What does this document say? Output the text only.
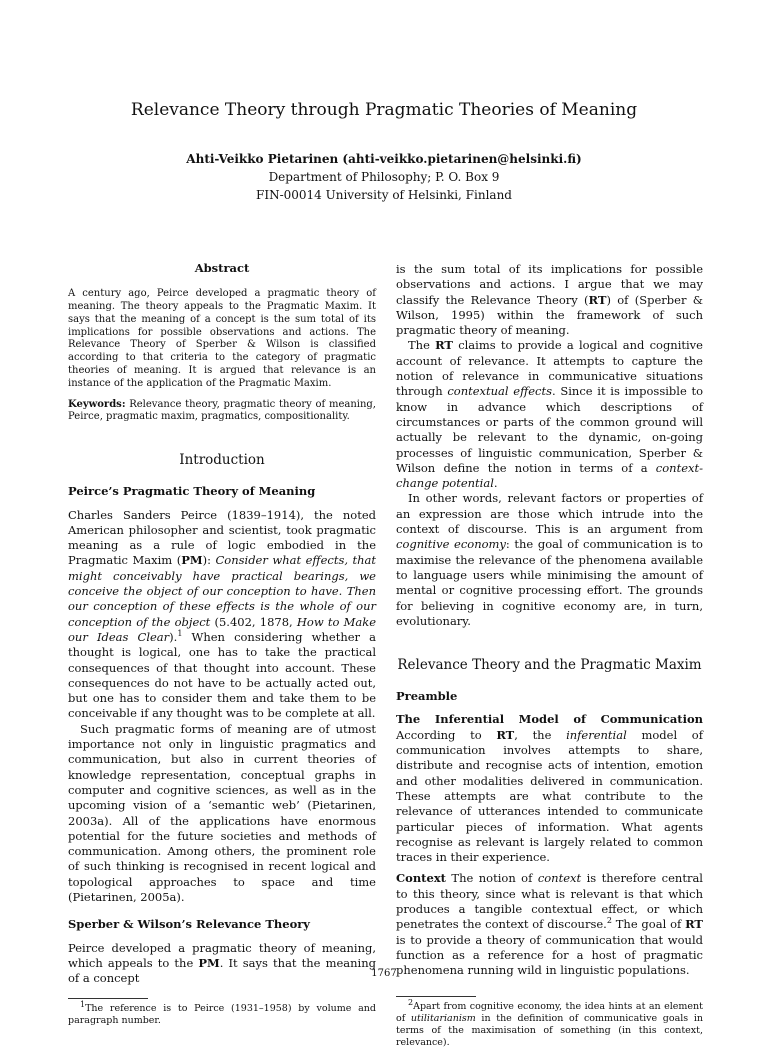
Relevance Theory through Pragmatic Theories of Meaning
Ahti-Veikko Pietarinen (ahti-veikko.pietarinen@helsinki.fi)
Department of Philosophy; P. O. Box 9
FIN-00014 University of Helsinki, Finland
Abstract

A century ago, Peirce developed a pragmatic theory of meaning. The theory appeals to the Pragmatic Maxim. It says that the meaning of a concept is the sum total of its implications for possible observations and actions. The Relevance Theory of Sperber & Wilson is classified according to that criteria to the category of pragmatic theories of meaning. It is argued that relevance is an instance of the application of the Pragmatic Maxim.

Keywords: Relevance theory, pragmatic theory of meaning, Peirce, pragmatic maxim, pragmatics, compositionality.

Introduction
Peirce’s Pragmatic Theory of Meaning

Charles Sanders Peirce (1839–1914), the noted American philosopher and scientist, took pragmatic meaning as a rule of logic embodied in the Pragmatic Maxim (PM): Consider what effects, that might conceivably have practical bearings, we conceive the object of our conception to have. Then our conception of these effects is the whole of our conception of the object (5.402, 1878, How to Make our Ideas Clear).$^1$ When considering whether a thought is logical, one has to take the practical consequences of that thought into account. These consequences do not have to be actually acted out, but one has to consider them and take them to be conceivable if any thought was to be complete at all.

Such pragmatic forms of meaning are of utmost importance not only in linguistic pragmatics and communication, but also in current theories of knowledge representation, conceptual graphs in computer and cognitive sciences, as well as in the upcoming vision of a ‘semantic web’ (Pietarinen, 2003a). All of the applications have enormous potential for the future societies and methods of communication. Among others, the prominent role of such thinking is recognised in recent logical and topological approaches to space and time (Pietarinen, 2005a).

Sperber & Wilson’s Relevance Theory

Peirce developed a pragmatic theory of meaning, which appeals to the PM. It says that the meaning of a concept

$^1$The reference is to Peirce (1931–1958) by volume and paragraph number.

is the sum total of its implications for possible observations and actions. I argue that we may classify the Relevance Theory (RT) of (Sperber & Wilson, 1995) within the framework of such pragmatic theory of meaning.

The RT claims to provide a logical and cognitive account of relevance. It attempts to capture the notion of relevance in communicative situations through contextual effects. Since it is impossible to know in advance which descriptions of circumstances or parts of the common ground will actually be relevant to the dynamic, on-going processes of linguistic communication, Sperber & Wilson define the notion in terms of a context-change potential.

In other words, relevant factors or properties of an expression are those which intrude into the context of discourse. This is an argument from cognitive economy: the goal of communication is to maximise the relevance of the phenomena available to language users while minimising the amount of mental or cognitive processing effort. The grounds for believing in cognitive economy are, in turn, evolutionary.

Relevance Theory and the Pragmatic Maxim
Preamble

The Inferential Model of Communication According to RT, the inferential model of communication involves attempts to share, distribute and recognise acts of intention, emotion and other modalities delivered in communication. These attempts are what contribute to the relevance of utterances intended to communicate particular pieces of information. What agents recognise as relevant is largely related to common traces in their experience.

Context The notion of context is therefore central to this theory, since what is relevant is that which produces a tangible contextual effect, or which penetrates the context of discourse.$^2$ The goal of RT is to provide a theory of communication that would function as a reference for a host of pragmatic phenomena running wild in linguistic populations.

$^2$Apart from cognitive economy, the idea hints at an element of utilitarianism in the definition of communicative goals in terms of the maximisation of something (in this context, relevance).
1767
